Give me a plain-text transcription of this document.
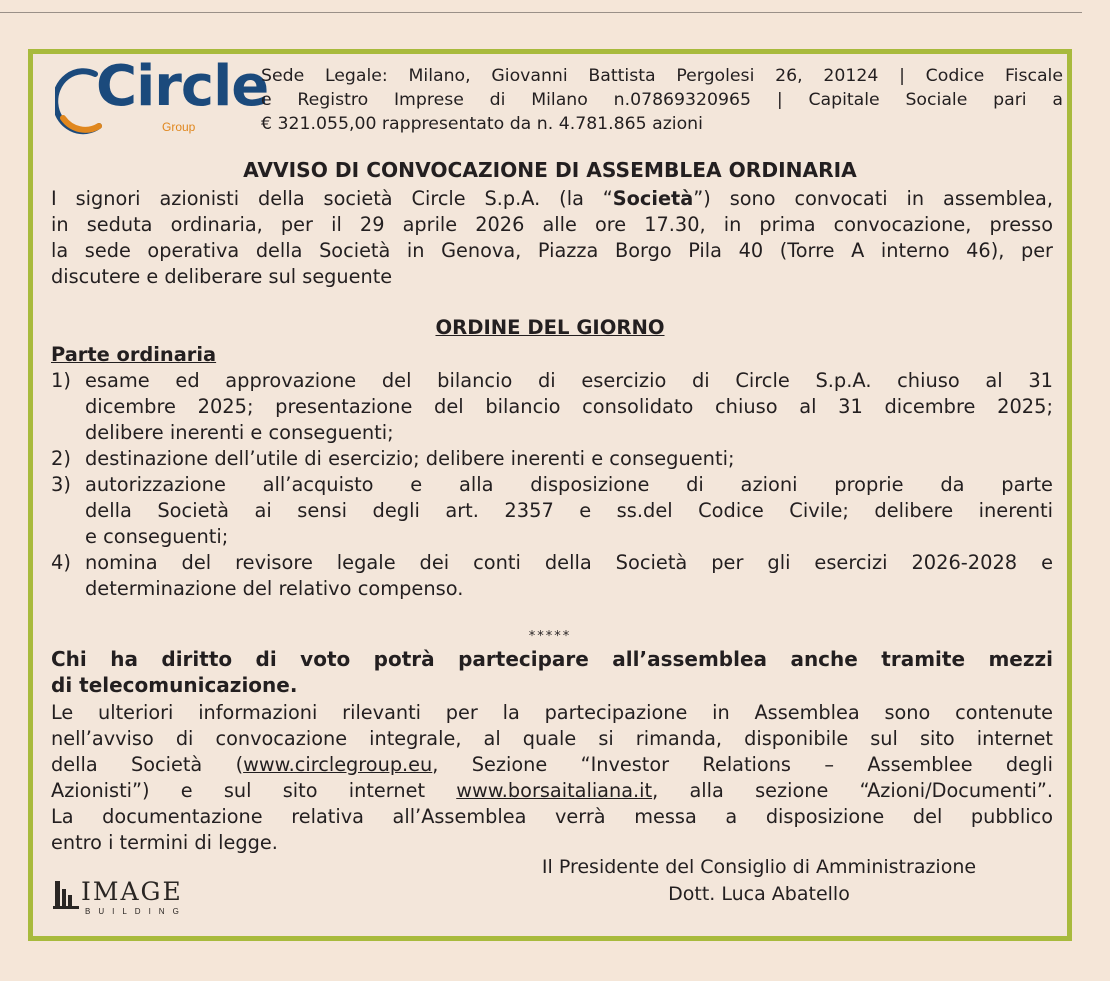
Circle
Group
Sede Legale: Milano, Giovanni Battista Pergolesi 26, 20124 | Codice Fiscale
e Registro Imprese di Milano n.07869320965 | Capitale Sociale pari a
€ 321.055,00 rappresentato da n. 4.781.865 azioni
AVVISO DI CONVOCAZIONE DI ASSEMBLEA ORDINARIA
I signori azionisti della società Circle S.p.A. (la “Società”) sono convocati in assemblea,
in seduta ordinaria, per il 29 aprile 2026 alle ore 17.30, in prima convocazione, presso
la sede operativa della Società in Genova, Piazza Borgo Pila 40 (Torre A interno 46), per
discutere e deliberare sul seguente
ORDINE DEL GIORNO
Parte ordinaria
1) esame ed approvazione del bilancio di esercizio di Circle S.p.A. chiuso al 31
dicembre 2025; presentazione del bilancio consolidato chiuso al 31 dicembre 2025;
delibere inerenti e conseguenti;
2) destinazione dell’utile di esercizio; delibere inerenti e conseguenti;
3) autorizzazione all’acquisto e alla disposizione di azioni proprie da parte
della Società ai sensi degli art. 2357 e ss.del Codice Civile; delibere inerenti
e conseguenti;
4) nomina del revisore legale dei conti della Società per gli esercizi 2026-2028 e
determinazione del relativo compenso.
*****
Chi ha diritto di voto potrà partecipare all’assemblea anche tramite mezzi
di telecomunicazione.
Le ulteriori informazioni rilevanti per la partecipazione in Assemblea sono contenute
nell’avviso di convocazione integrale, al quale si rimanda, disponibile sul sito internet
della Società (www.circlegroup.eu, Sezione “Investor Relations – Assemblee degli
Azionisti”) e sul sito internet www.borsaitaliana.it, alla sezione “Azioni/Documenti”.
La documentazione relativa all’Assemblea verrà messa a disposizione del pubblico
entro i termini di legge.
IMAGE
BUILDING
Il Presidente del Consiglio di Amministrazione
Dott. Luca Abatello
